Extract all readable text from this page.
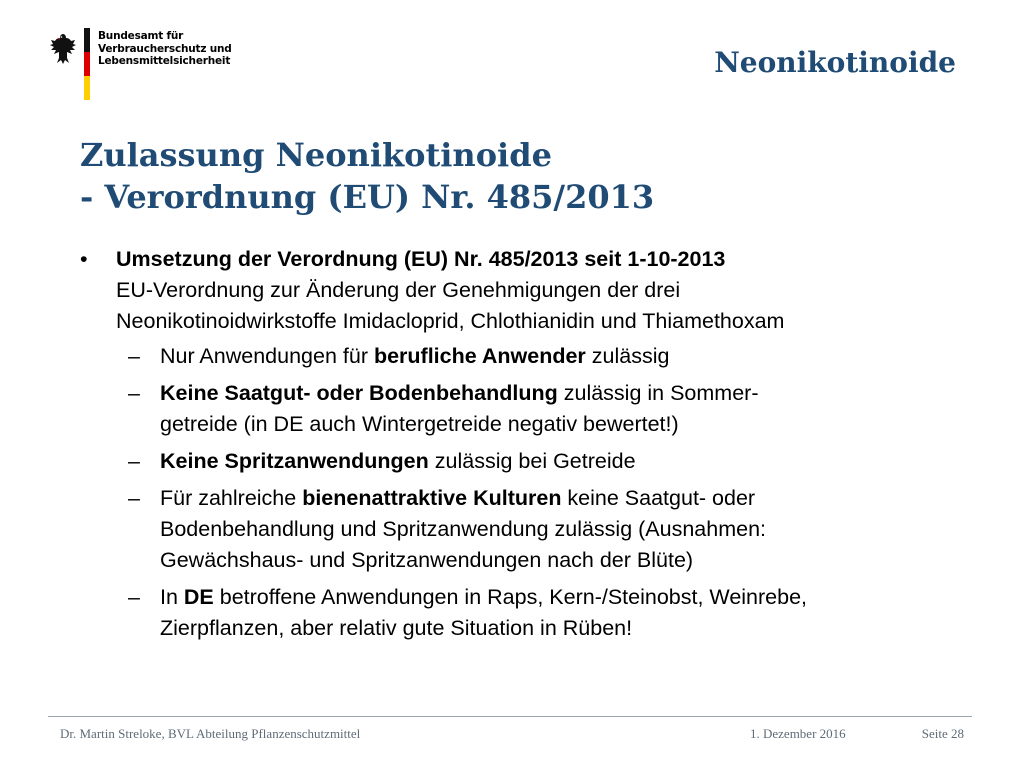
Bundesamt für
Verbraucherschutz und
Lebensmittelsicherheit	Neonikotinoide
Zulassung Neonikotinoide
- Verordnung (EU) Nr. 485/2013
•	Umsetzung der Verordnung (EU) Nr. 485/2013 seit 1-10-2013
EU-Verordnung zur Änderung der Genehmigungen der drei
Neonikotinoidwirkstoffe Imidacloprid, Chlothianidin und Thiamethoxam
– Nur Anwendungen für berufliche Anwender zulässig
– Keine Saatgut- oder Bodenbehandlung zulässig in Sommer-
getreide (in DE auch Wintergetreide negativ bewertet!)
– Keine Spritzanwendungen zulässig bei Getreide
– Für zahlreiche bienenattraktive Kulturen keine Saatgut- oder
Bodenbehandlung und Spritzanwendung zulässig (Ausnahmen:
Gewächshaus- und Spritzanwendungen nach der Blüte)
– In DE betroffene Anwendungen in Raps, Kern-/Steinobst, Weinrebe,
Zierpflanzen, aber relativ gute Situation in Rüben!
Dr. Martin Streloke, BVL Abteilung Pflanzenschutzmittel	1. Dezember 2016	Seite 28
